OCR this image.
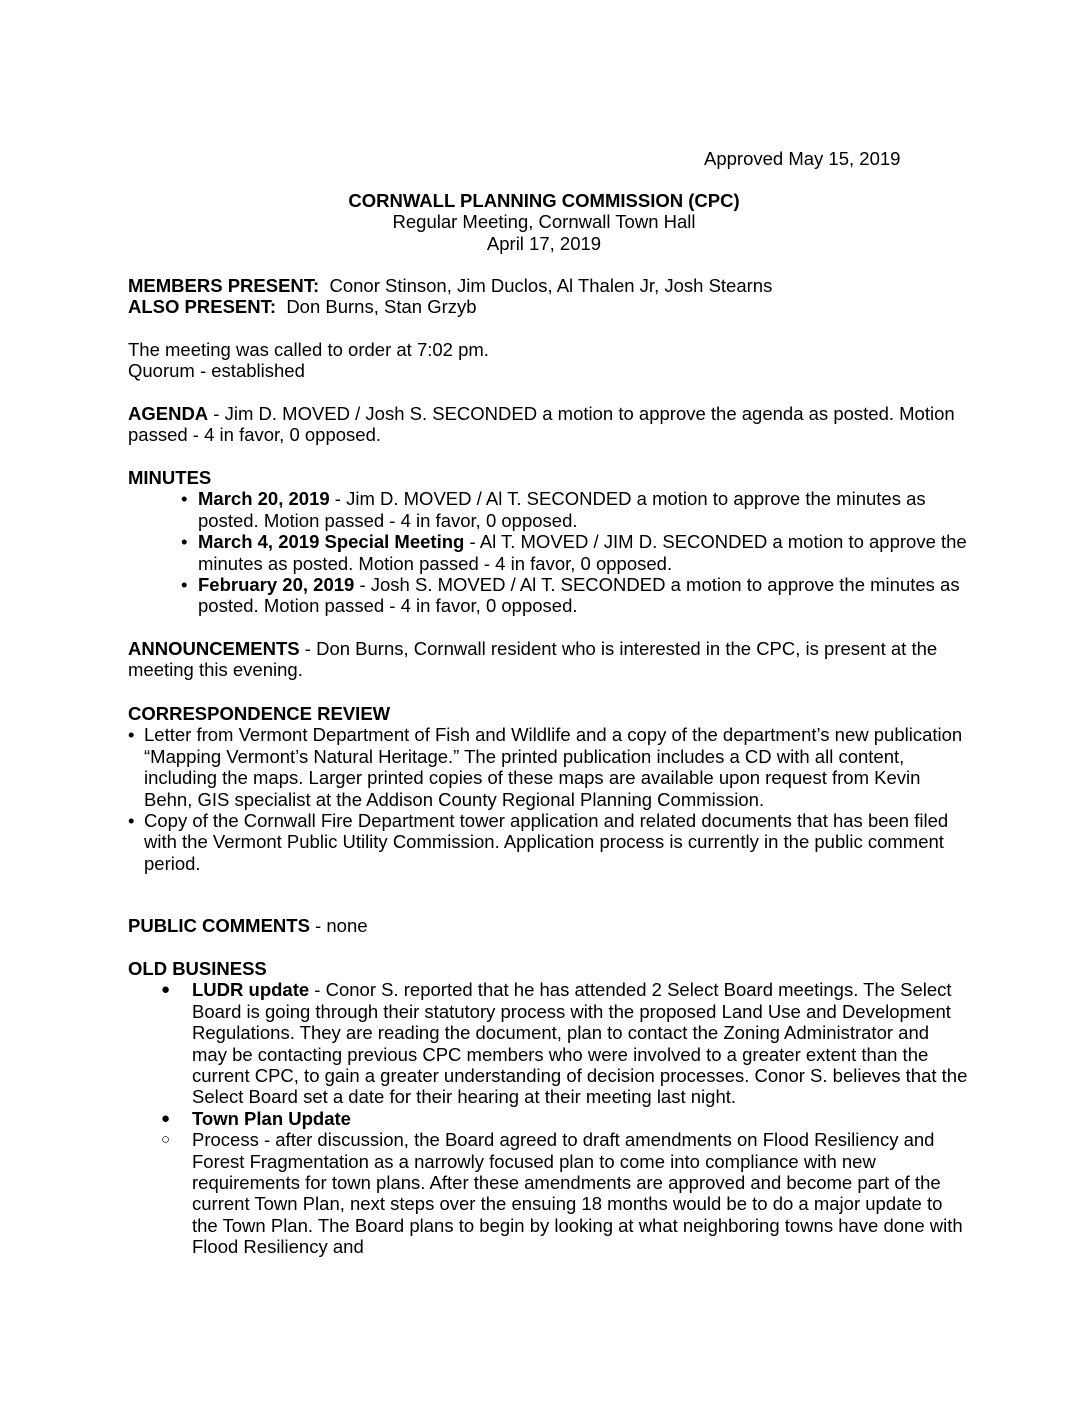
Approved May 15, 2019
CORNWALL PLANNING COMMISSION (CPC)
Regular Meeting, Cornwall Town Hall
April 17, 2019

MEMBERS PRESENT: Conor Stinson, Jim Duclos, Al Thalen Jr, Josh Stearns

ALSO PRESENT: Don Burns, Stan Grzyb

The meeting was called to order at 7:02 pm.

Quorum - established

AGENDA - Jim D. MOVED / Josh S. SECONDED a motion to approve the agenda as posted. Motion passed - 4 in favor, 0 opposed.

MINUTES

• March 20, 2019 - Jim D. MOVED / Al T. SECONDED a motion to approve the minutes as posted. Motion passed - 4 in favor, 0 opposed.
• March 4, 2019 Special Meeting - Al T. MOVED / JIM D. SECONDED a motion to approve the minutes as posted. Motion passed - 4 in favor, 0 opposed.
• February 20, 2019 - Josh S. MOVED / Al T. SECONDED a motion to approve the minutes as posted. Motion passed - 4 in favor, 0 opposed.

ANNOUNCEMENTS - Don Burns, Cornwall resident who is interested in the CPC, is present at the meeting this evening.

CORRESPONDENCE REVIEW

• Letter from Vermont Department of Fish and Wildlife and a copy of the department’s new publication “Mapping Vermont’s Natural Heritage.” The printed publication includes a CD with all content, including the maps. Larger printed copies of these maps are available upon request from Kevin Behn, GIS specialist at the Addison County Regional Planning Commission.
• Copy of the Cornwall Fire Department tower application and related documents that has been filed with the Vermont Public Utility Commission. Application process is currently in the public comment period.

PUBLIC COMMENTS - none

OLD BUSINESS

● LUDR update - Conor S. reported that he has attended 2 Select Board meetings. The Select Board is going through their statutory process with the proposed Land Use and Development Regulations. They are reading the document, plan to contact the Zoning Administrator and may be contacting previous CPC members who were involved to a greater extent than the current CPC, to gain a greater understanding of decision processes. Conor S. believes that the Select Board set a date for their hearing at their meeting last night.
● Town Plan Update
○ Process - after discussion, the Board agreed to draft amendments on Flood Resiliency and Forest Fragmentation as a narrowly focused plan to come into compliance with new requirements for town plans. After these amendments are approved and become part of the current Town Plan, next steps over the ensuing 18 months would be to do a major update to the Town Plan. The Board plans to begin by looking at what neighboring towns have done with Flood Resiliency and
